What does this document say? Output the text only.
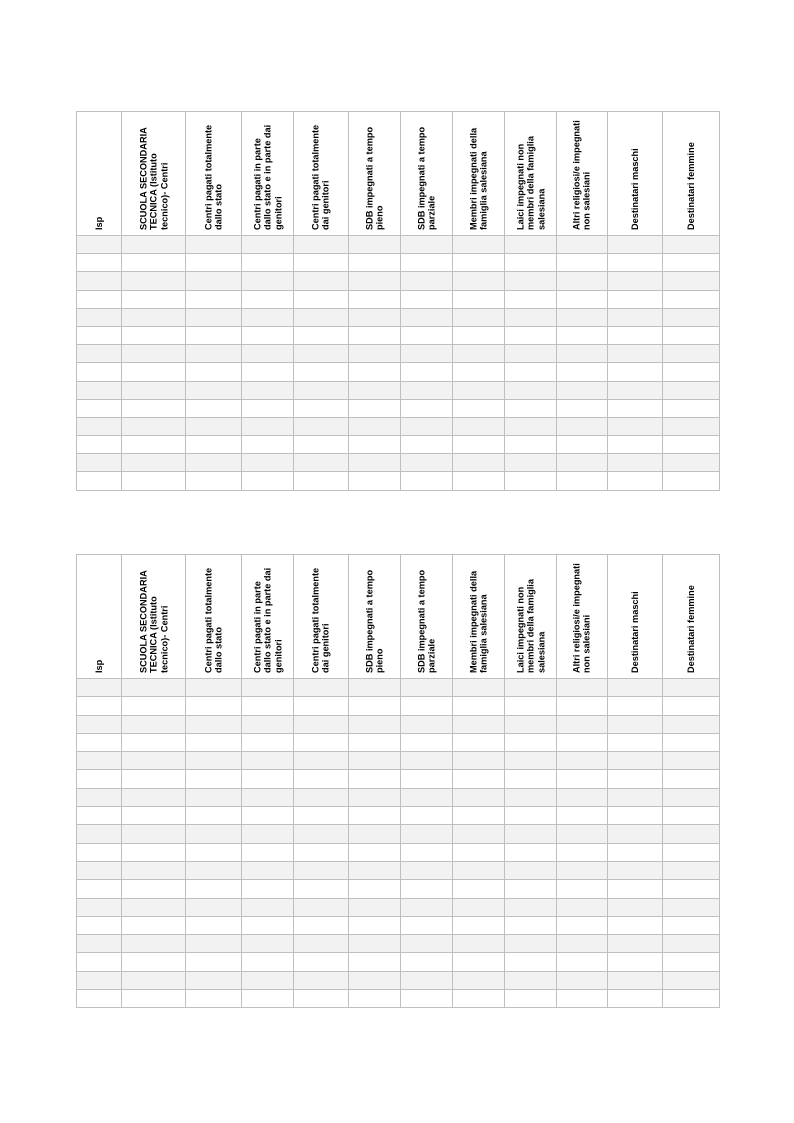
Isp	SCUOLA SECONDARIA TECNICA (Istituto tecnico)- Centri	Centri pagati totalmente dallo stato	Centri pagati in parte dallo stato e in parte dai genitori	Centri pagati totalmente dai genitori	SDB impegnati a tempo pieno	SDB impegnati a tempo parziale	Membri impegnati della famiglia salesiana	Laici impegnati non membri della famiglia salesiana	Altri religiosi/e impegnati non salesiani	Destinatari maschi	Destinatari femmine

Isp	SCUOLA SECONDARIA TECNICA (Istituto tecnico)- Centri	Centri pagati totalmente dallo stato	Centri pagati in parte dallo stato e in parte dai genitori	Centri pagati totalmente dai genitori	SDB impegnati a tempo pieno	SDB impegnati a tempo parziale	Membri impegnati della famiglia salesiana	Laici impegnati non membri della famiglia salesiana	Altri religiosi/e impegnati non salesiani	Destinatari maschi	Destinatari femmine
